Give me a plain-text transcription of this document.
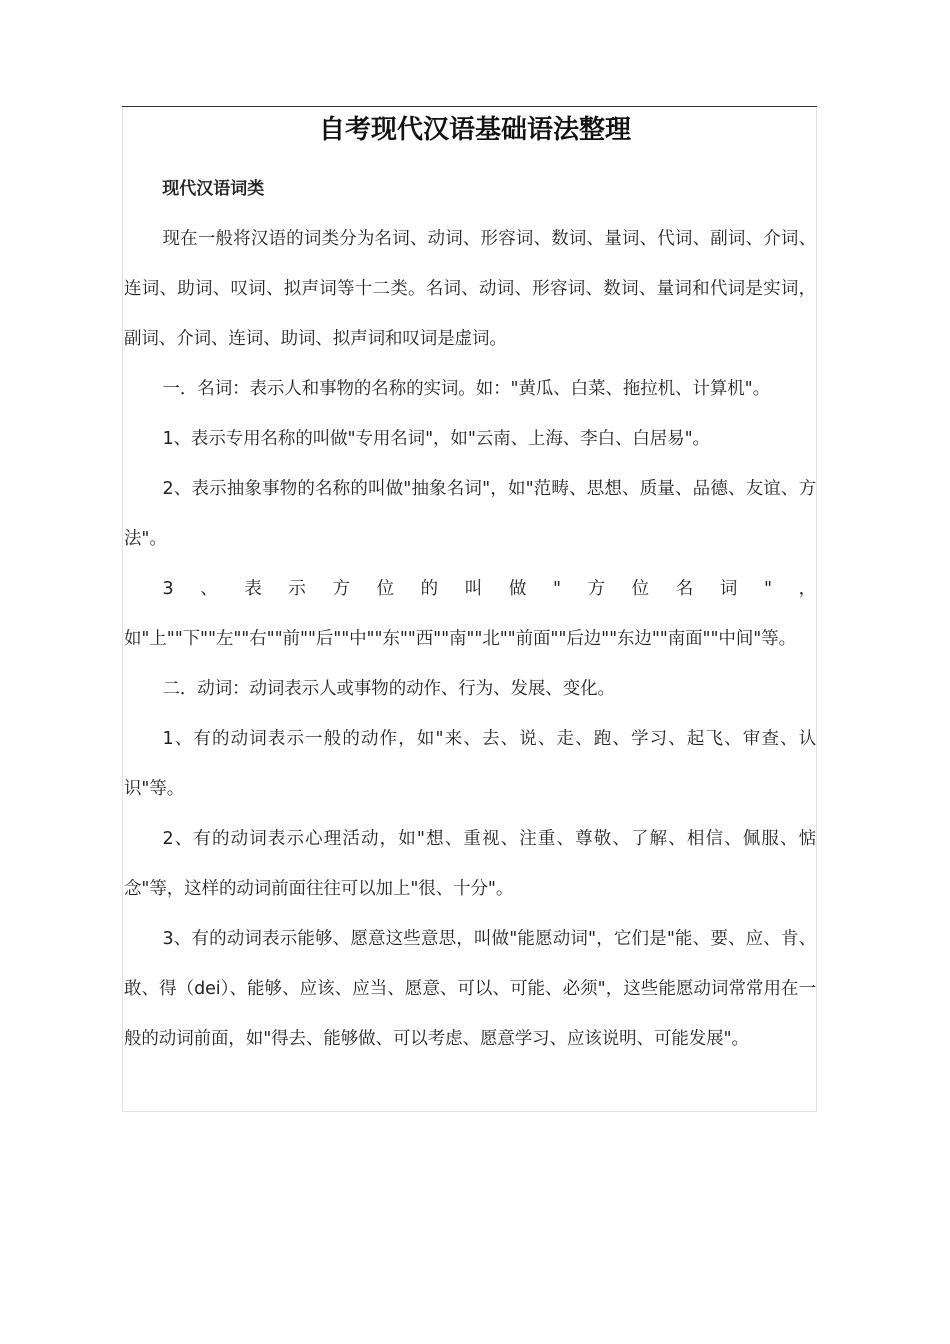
自考现代汉语基础语法整理

现代汉语词类

现在一般将汉语的词类分为名词、动词、形容词、数词、量词、代词、副词、介词、连词、助词、叹词、拟声词等十二类。名词、动词、形容词、数词、量词和代词是实词，副词、介词、连词、助词、拟声词和叹词是虚词。

一．名词：表示人和事物的名称的实词。如："黄瓜、白菜、拖拉机、计算机"。

1、表示专用名称的叫做"专用名词"，如"云南、上海、李白、白居易"。

2、表示抽象事物的名称的叫做"抽象名词"，如"范畴、思想、质量、品德、友谊、方法"。

3、表示方位的叫做"方位名词"，如"上""下""左""右""前""后""中""东""西""南""北""前面""后边""东边""南面""中间"等。

二．动词：动词表示人或事物的动作、行为、发展、变化。

1、有的动词表示一般的动作，如"来、去、说、走、跑、学习、起飞、审查、认识"等。

2、有的动词表示心理活动，如"想、重视、注重、尊敬、了解、相信、佩服、惦念"等，这样的动词前面往往可以加上"很、十分"。

3、有的动词表示能够、愿意这些意思，叫做"能愿动词"，它们是"能、要、应、肯、敢、得（dei）、能够、应该、应当、愿意、可以、可能、必须"，这些能愿动词常常用在一般的动词前面，如"得去、能够做、可以考虑、愿意学习、应该说明、可能发展"。
